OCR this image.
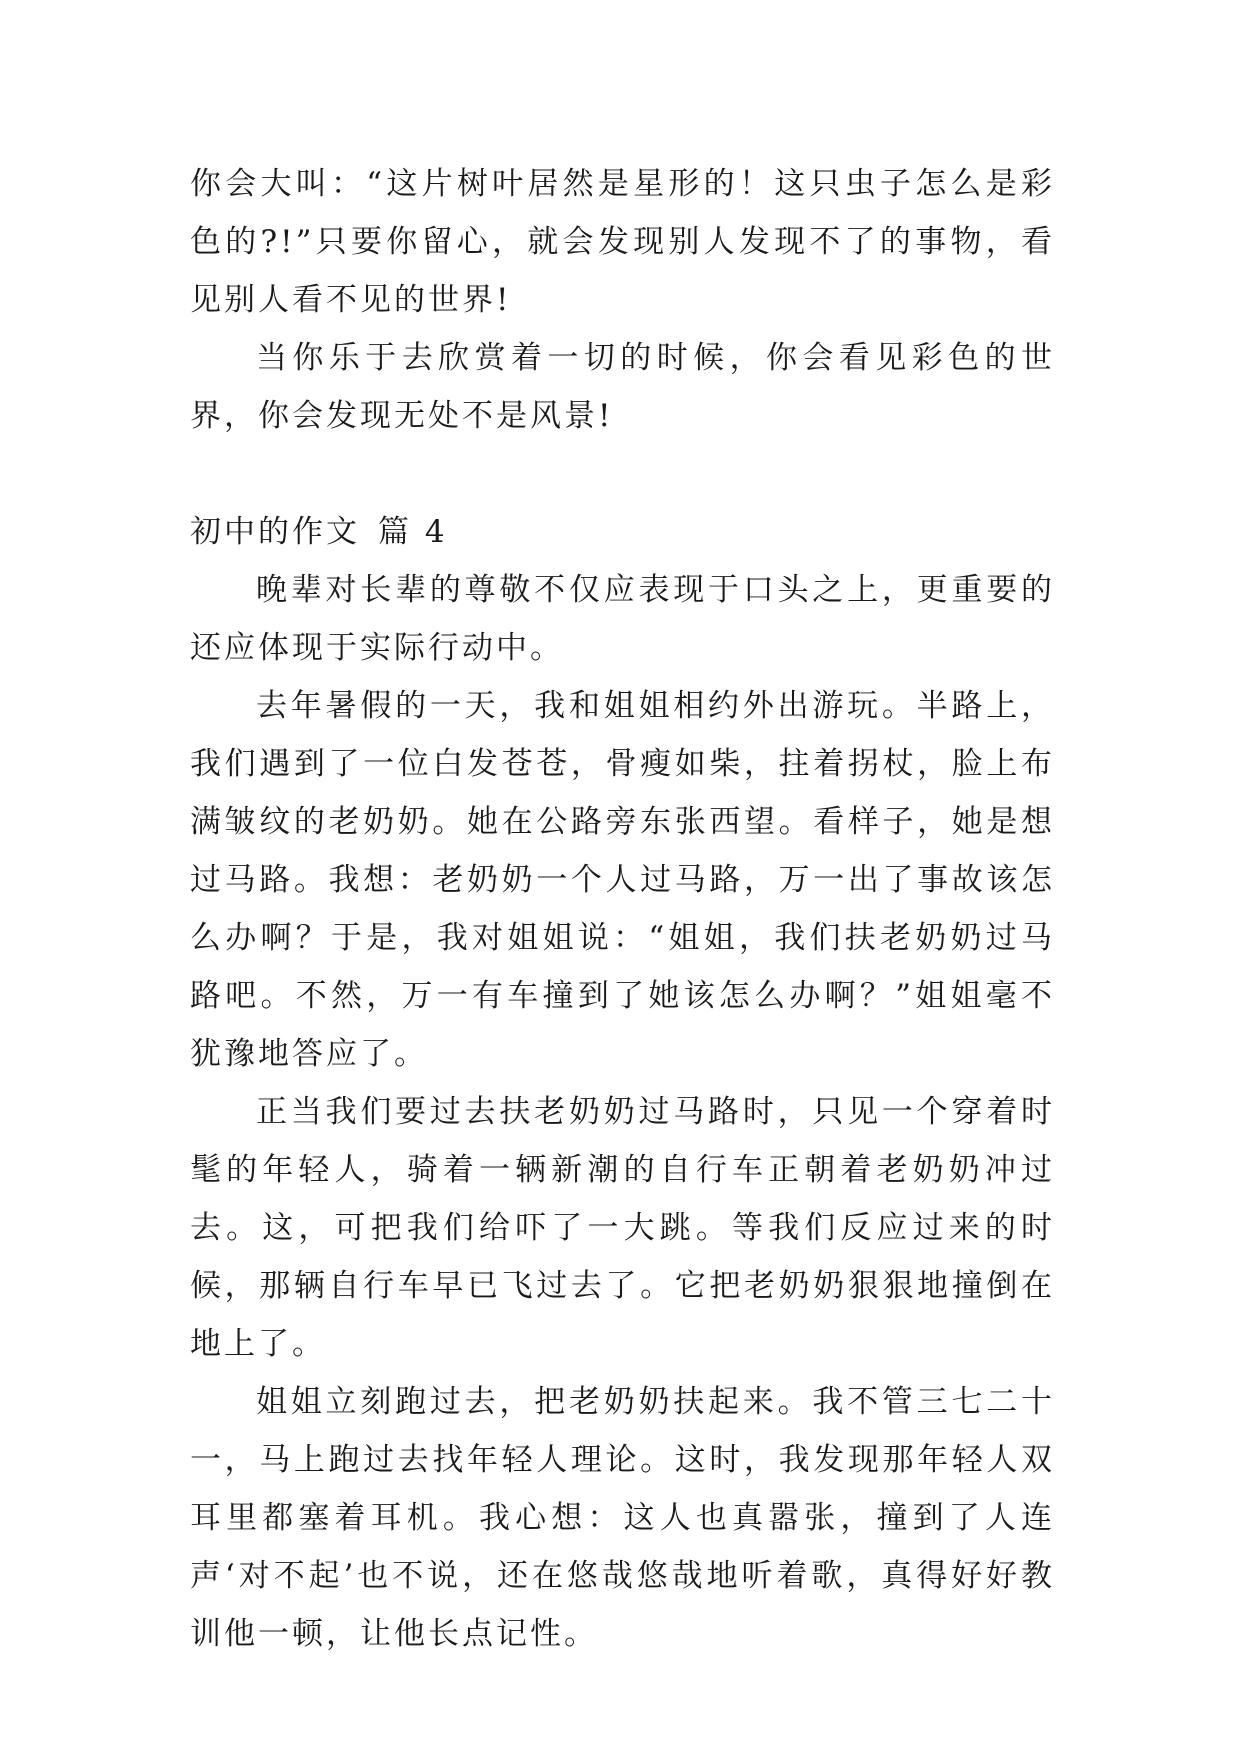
你会大叫：“这片树叶居然是星形的！这只虫子怎么是彩色的?!”只要你留心，就会发现别人发现不了的事物，看见别人看不见的世界!

当你乐于去欣赏着一切的时候，你会看见彩色的世界，你会发现无处不是风景!

初中的作文 篇 4

晚辈对长辈的尊敬不仅应表现于口头之上，更重要的还应体现于实际行动中。

去年暑假的一天，我和姐姐相约外出游玩。半路上，我们遇到了一位白发苍苍，骨瘦如柴，拄着拐杖，脸上布满皱纹的老奶奶。她在公路旁东张西望。看样子，她是想过马路。我想：老奶奶一个人过马路，万一出了事故该怎么办啊？于是，我对姐姐说：“姐姐，我们扶老奶奶过马路吧。不然，万一有车撞到了她该怎么办啊？”姐姐毫不犹豫地答应了。

正当我们要过去扶老奶奶过马路时，只见一个穿着时髦的年轻人，骑着一辆新潮的自行车正朝着老奶奶冲过去。这，可把我们给吓了一大跳。等我们反应过来的时候，那辆自行车早已飞过去了。它把老奶奶狠狠地撞倒在地上了。

姐姐立刻跑过去，把老奶奶扶起来。我不管三七二十一，马上跑过去找年轻人理论。这时，我发现那年轻人双耳里都塞着耳机。我心想：这人也真嚣张，撞到了人连声‘对不起’也不说，还在悠哉悠哉地听着歌，真得好好教训他一顿，让他长点记性。
